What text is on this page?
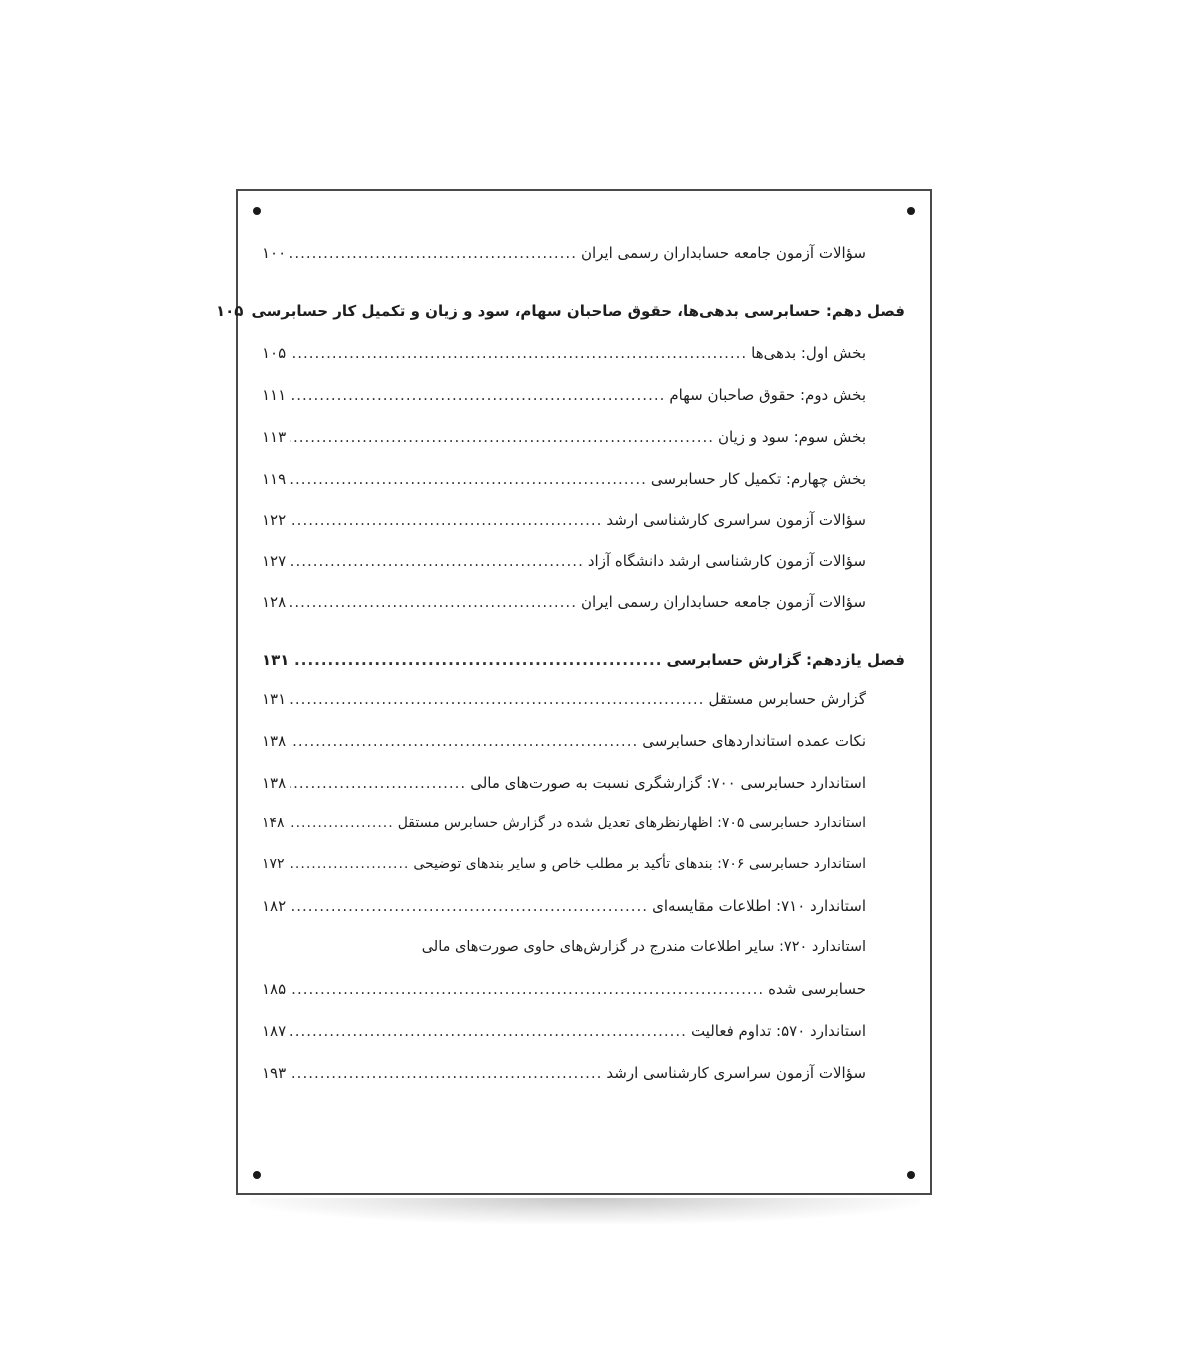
سؤالات آزمون جامعه حسابداران رسمی ایران
.....
۱۰۰
فصل دهم: حسابرسی بدهی‌ها، حقوق صاحبان سهام، سود و زیان و تکمیل کار حسابرسی
۱۰۵
بخش اول: بدهی‌ها
.....
۱۰۵
بخش دوم: حقوق صاحبان سهام
.....
۱۱۱
بخش سوم: سود و زیان
.....
۱۱۳
بخش چهارم: تکمیل کار حسابرسی
.....
۱۱۹
سؤالات آزمون سراسری کارشناسی ارشد
.....
۱۲۲
سؤالات آزمون کارشناسی ارشد دانشگاه آزاد
.....
۱۲۷
سؤالات آزمون جامعه حسابداران رسمی ایران
.....
۱۲۸
فصل یازدهم: گزارش حسابرسی
.....
۱۳۱
گزارش حسابرس مستقل
.....
۱۳۱
نکات عمده استانداردهای حسابرسی
.....
۱۳۸
استاندارد حسابرسی ۷۰۰: گزارشگری نسبت به صورت‌های مالی
.....
۱۳۸
استاندارد حسابرسی ۷۰۵: اظهارنظرهای تعدیل شده در گزارش حسابرس مستقل
.....
۱۴۸
استاندارد حسابرسی ۷۰۶: بندهای تأکید بر مطلب خاص و سایر بندهای توضیحی
.....
۱۷۲
استاندارد ۷۱۰: اطلاعات مقایسه‌ای
.....
۱۸۲
استاندارد ۷۲۰: سایر اطلاعات مندرج در گزارش‌های حاوی صورت‌های مالی
حسابرسی شده
.....
۱۸۵
استاندارد ۵۷۰: تداوم فعالیت
.....
۱۸۷
سؤالات آزمون سراسری کارشناسی ارشد
.....
۱۹۳
